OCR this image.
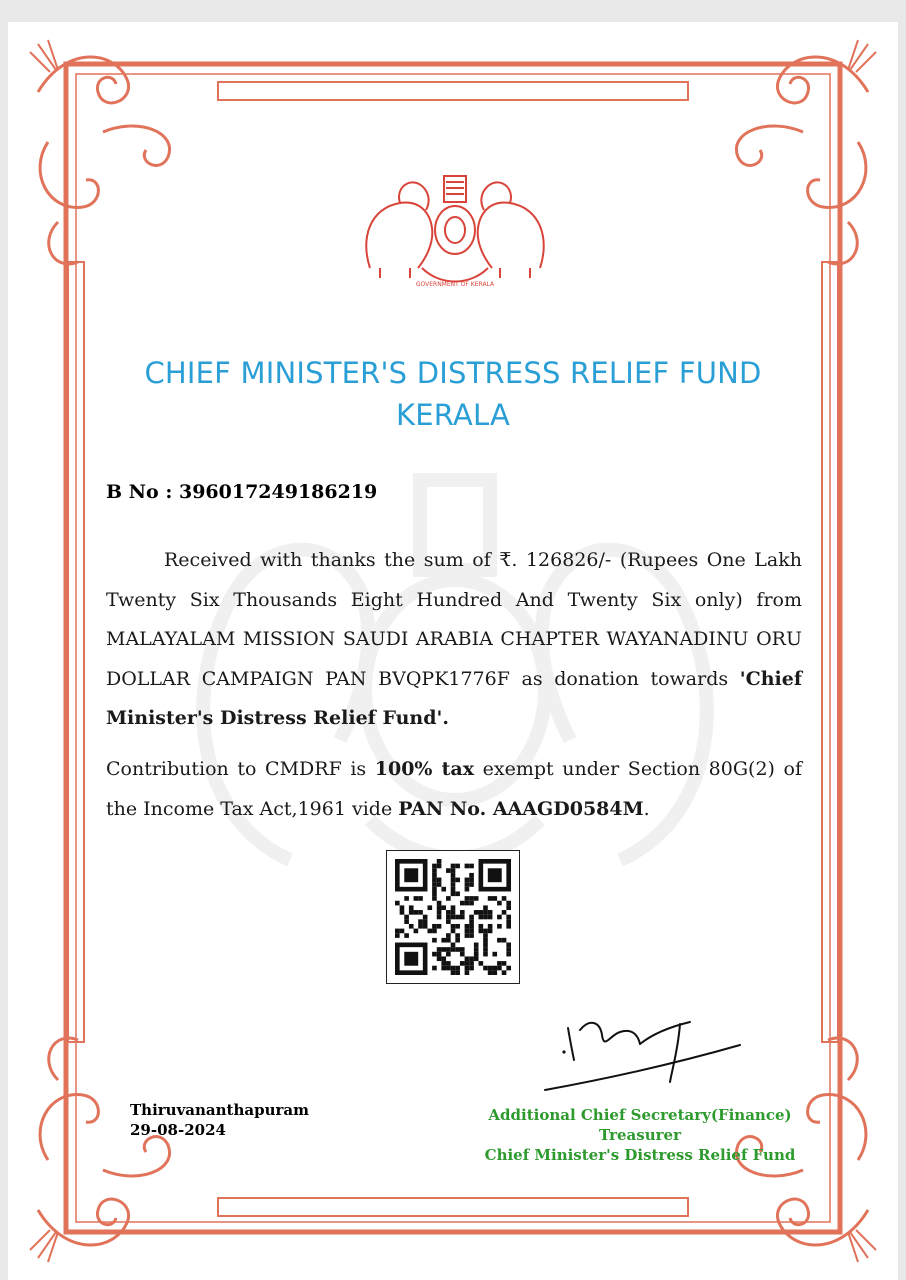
GOVERNMENT OF KERALA
CHIEF MINISTER'S DISTRESS RELIEF FUND
KERALA
B No : 396017249186219
Received with thanks the sum of ₹. 126826/- (Rupees One Lakh Twenty Six Thousands Eight Hundred And Twenty Six only) from MALAYALAM MISSION SAUDI ARABIA CHAPTER WAYANADINU ORU DOLLAR CAMPAIGN PAN BVQPK1776F as donation towards 'Chief Minister's Distress Relief Fund'.
Contribution to CMDRF is 100% tax exempt under Section 80G(2) of the Income Tax Act,1961 vide PAN No. AAAGD0584M.
Thiruvananthapuram
29-08-2024
Additional Chief Secretary(Finance)
Treasurer
Chief Minister's Distress Relief Fund
